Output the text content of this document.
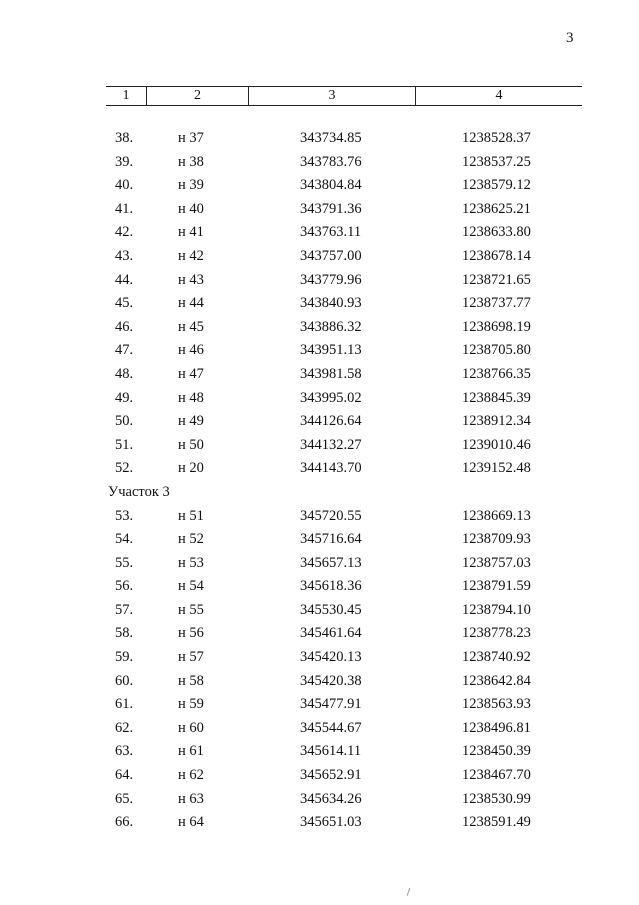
3
1	2	3	4
38.	н 37	343734.85	1238528.37
39.	н 38	343783.76	1238537.25
40.	н 39	343804.84	1238579.12
41.	н 40	343791.36	1238625.21
42.	н 41	343763.11	1238633.80
43.	н 42	343757.00	1238678.14
44.	н 43	343779.96	1238721.65
45.	н 44	343840.93	1238737.77
46.	н 45	343886.32	1238698.19
47.	н 46	343951.13	1238705.80
48.	н 47	343981.58	1238766.35
49.	н 48	343995.02	1238845.39
50.	н 49	344126.64	1238912.34
51.	н 50	344132.27	1239010.46
52.	н 20	344143.70	1239152.48
Участок 3
53.	н 51	345720.55	1238669.13
54.	н 52	345716.64	1238709.93
55.	н 53	345657.13	1238757.03
56.	н 54	345618.36	1238791.59
57.	н 55	345530.45	1238794.10
58.	н 56	345461.64	1238778.23
59.	н 57	345420.13	1238740.92
60.	н 58	345420.38	1238642.84
61.	н 59	345477.91	1238563.93
62.	н 60	345544.67	1238496.81
63.	н 61	345614.11	1238450.39
64.	н 62	345652.91	1238467.70
65.	н 63	345634.26	1238530.99
66.	н 64	345651.03	1238591.49
